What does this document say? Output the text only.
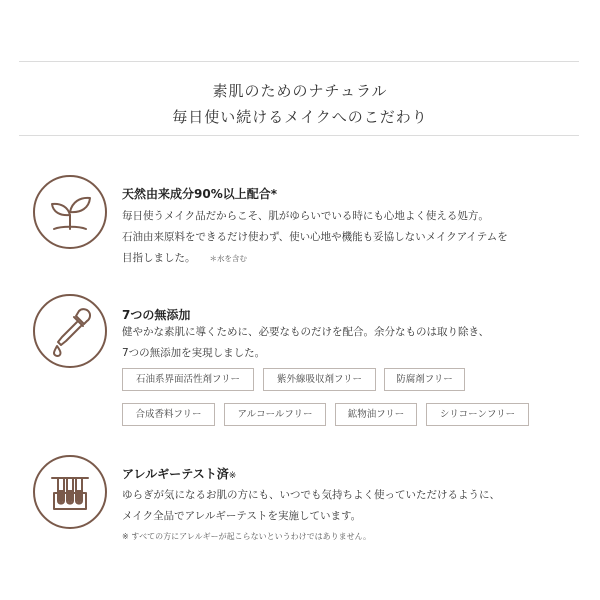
素肌のためのナチュラル
毎日使い続けるメイクへのこだわり
天然由来成分90%以上配合*
毎日使うメイク品だからこそ、肌がゆらいでいる時にも心地よく使える処方。
石油由来原料をできるだけ使わず、使い心地や機能も妥協しないメイクアイテムを
目指しました。 ＊水を含む
7つの無添加
健やかな素肌に導くために、必要なものだけを配合。余分なものは取り除き、
7つの無添加を実現しました。
石油系界面活性剤フリー	紫外線吸収剤フリー	防腐剤フリー
合成香料フリー	アルコールフリー	鉱物油フリー	シリコーンフリー
アレルギーテスト済※
ゆらぎが気になるお肌の方にも、いつでも気持ちよく使っていただけるように、
メイク全品でアレルギーテストを実施しています。
※ すべての方にアレルギーが起こらないというわけではありません。
